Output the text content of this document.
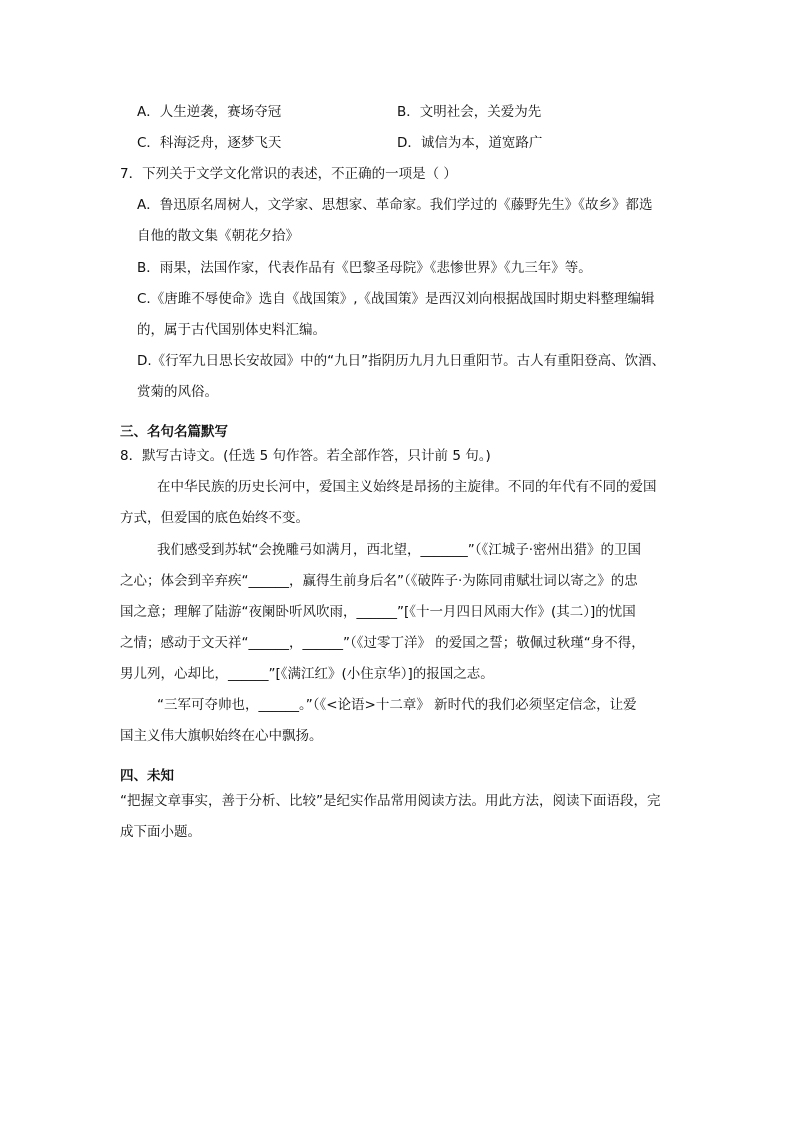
A．人生逆袭，赛场夺冠	B．文明社会，关爱为先
C．科海泛舟，逐梦飞天	D．诚信为本，道宽路广
7．下列关于文学文化常识的表述，不正确的一项是（ ）
A．鲁迅原名周树人，文学家、思想家、革命家。我们学过的《藤野先生》《故乡》都选
自他的散文集《朝花夕拾》
B．雨果，法国作家，代表作品有《巴黎圣母院》《悲惨世界》《九三年》等。
C.《唐雎不辱使命》选自《战国策》,《战国策》是西汉刘向根据战国时期史料整理编辑
的，属于古代国别体史料汇编。
D.《行军九日思长安故园》中的“九日”指阴历九月九日重阳节。古人有重阳登高、饮酒、
赏菊的风俗。
三、名句名篇默写
8．默写古诗文。(任选 5 句作答。若全部作答，只计前 5 句。)
在中华民族的历史长河中，爱国主义始终是昂扬的主旋律。不同的年代有不同的爱国
方式，但爱国的底色始终不变。
我们感受到苏轼“会挽雕弓如满月，西北望，_______”（《江城子·密州出猎》的卫国
之心；体会到辛弃疾“______，赢得生前身后名”（《破阵子·为陈同甫赋壮词以寄之》的忠
国之意；理解了陆游“夜阑卧听风吹雨，______”[《十一月四日风雨大作》(其二）]的忧国
之情；感动于文天祥“______，______”（《过零丁洋》 的爱国之誓；敬佩过秋瑾“身不得，
男儿列，心却比，______”[《满江红》(小住京华）]的报国之志。
“三军可夺帅也，______。”（《<论语>十二章》 新时代的我们必须坚定信念，让爱
国主义伟大旗帜始终在心中飘扬。
四、未知
“把握文章事实，善于分析、比较”是纪实作品常用阅读方法。用此方法，阅读下面语段，完
成下面小题。
